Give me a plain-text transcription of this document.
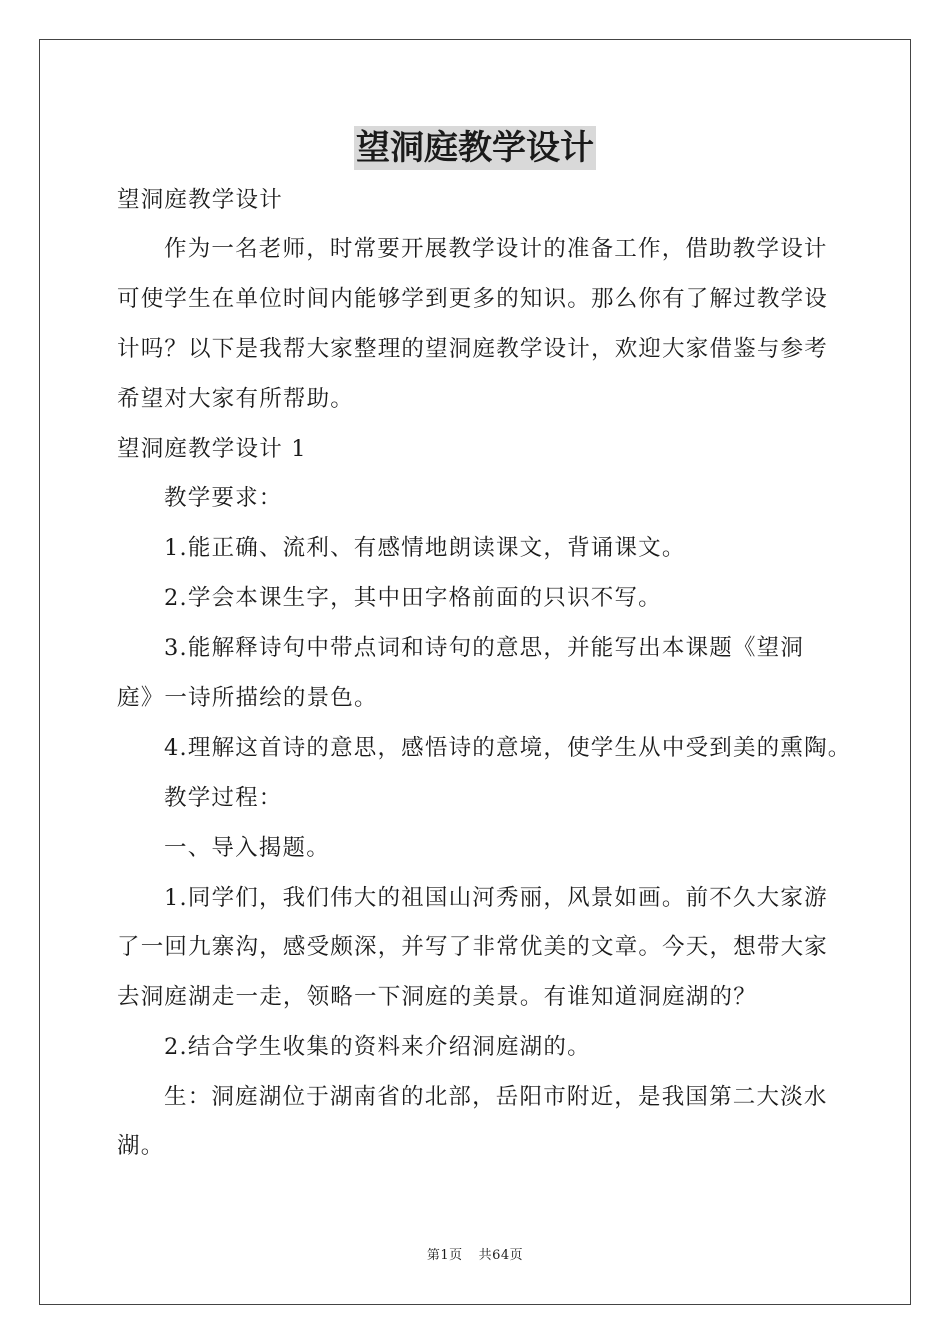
望洞庭教学设计
望洞庭教学设计
作为一名老师，时常要开展教学设计的准备工作，借助教学设计
可使学生在单位时间内能够学到更多的知识。那么你有了解过教学设
计吗？以下是我帮大家整理的望洞庭教学设计，欢迎大家借鉴与参考
希望对大家有所帮助。
望洞庭教学设计 1
教学要求：
1.能正确、流利、有感情地朗读课文，背诵课文。
2.学会本课生字，其中田字格前面的只识不写。
3.能解释诗句中带点词和诗句的意思，并能写出本课题《望洞
庭》一诗所描绘的景色。
4.理解这首诗的意思，感悟诗的意境，使学生从中受到美的熏陶。
教学过程：
一、导入揭题。
1.同学们，我们伟大的祖国山河秀丽，风景如画。前不久大家游
了一回九寨沟，感受颇深，并写了非常优美的文章。今天，想带大家
去洞庭湖走一走，领略一下洞庭的美景。有谁知道洞庭湖的？
2.结合学生收集的资料来介绍洞庭湖的。
生：洞庭湖位于湖南省的北部，岳阳市附近，是我国第二大淡水
湖。
第1页 共64页
